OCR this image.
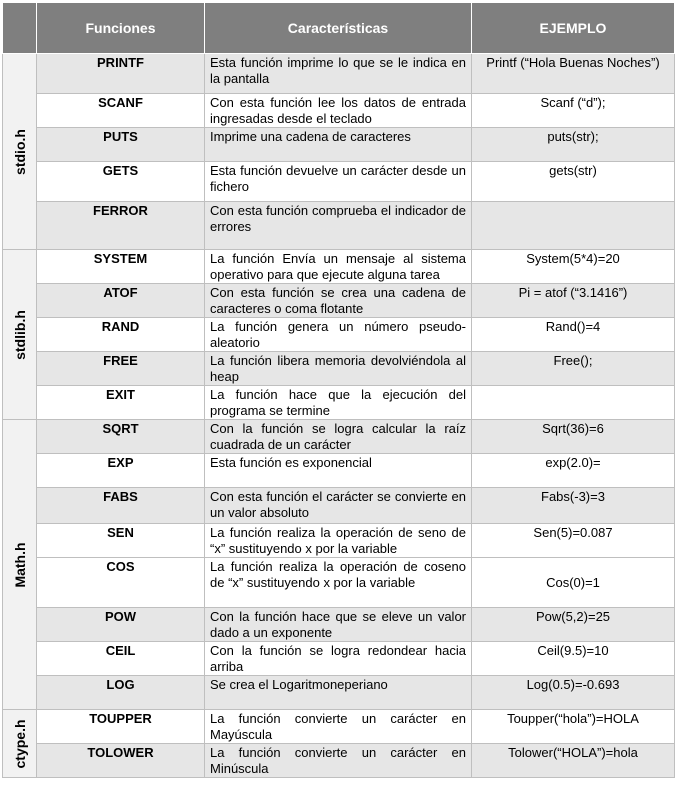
	Funciones	Características	EJEMPLO

stdio.h	PRINTF	Esta función imprime lo que se le indica en la pantalla	Printf (“Hola Buenas Noches”)
	SCANF	Con esta función lee los datos de entrada ingresadas desde el teclado	Scanf (“d”);
	PUTS	Imprime una cadena de caracteres	puts(str);
	GETS	Esta función devuelve un carácter desde un fichero	gets(str)
	FERROR	Con esta función comprueba el indicador de errores	

stdlib.h	SYSTEM	La función Envía un mensaje al sistema operativo para que ejecute alguna tarea	System(5*4)=20
	ATOF	Con esta función se crea una cadena de caracteres o coma flotante	Pi = atof (“3.1416”)
	RAND	La función genera un número pseudo-aleatorio	Rand()=4
	FREE	La función libera memoria devolviéndola al heap	Free();
	EXIT	La función hace que la ejecución del programa se termine	

Math.h	SQRT	Con la función se logra calcular la raíz cuadrada de un carácter	Sqrt(36)=6
	EXP	Esta función es exponencial	exp(2.0)=
	FABS	Con esta función el carácter se convierte en un valor absoluto	Fabs(-3)=3
	SEN	La función realiza la operación de seno de “x” sustituyendo x por la variable	Sen(5)=0.087
	COS	La función realiza la operación de coseno de “x” sustituyendo x por la variable	Cos(0)=1
	POW	Con la función hace que se eleve un valor dado a un exponente	Pow(5,2)=25
	CEIL	Con la función se logra redondear hacia arriba	Ceil(9.5)=10
	LOG	Se crea el Logaritmoneperiano	Log(0.5)=-0.693

ctype.h	TOUPPER	La función convierte un carácter en Mayúscula	Toupper(“hola”)=HOLA
	TOLOWER	La función convierte un carácter en Minúscula	Tolower(“HOLA”)=hola
